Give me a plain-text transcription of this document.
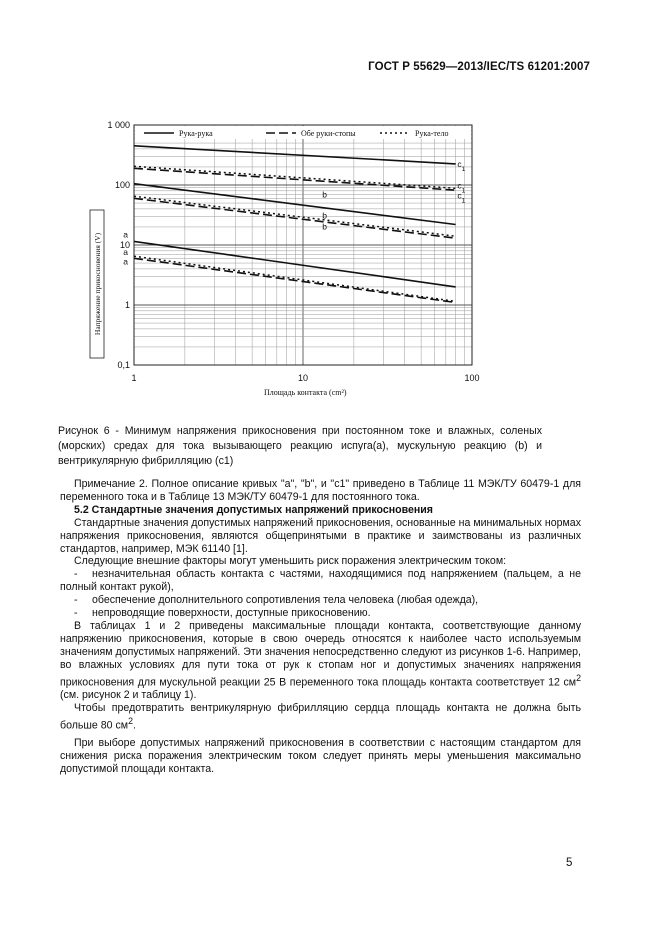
ГОСТ Р 55629—2013/IEC/TS 61201:2007
1	10	100
0,1
1
10
100
1 000
Площадь контакта (cm²)
Напряжение прикосновения (V)
$c_1$
$c_1$
$c_1$
b
b
b
a
a
a
Рука-рука	Обе руки-стопы	Рука-тело
Рисунок 6 - Минимум напряжения прикосновения при постоянном токе и влажных, соленых (морских) средах для тока вызывающего реакцию испуга(а), мускульную реакцию (b) и вентрикулярную фибрилляцию (с1)

Примечание 2. Полное описание кривых "a", "b", и "c1" приведено в Таблице 11 МЭК/ТУ 60479-1 для переменного тока и в Таблице 13 МЭК/ТУ 60479-1 для постоянного тока.

5.2 Стандартные значения допустимых напряжений прикосновения

Стандартные значения допустимых напряжений прикосновения, основанные на минимальных нормах напряжения прикосновения, являются общепринятыми в практике и заимствованы из различных стандартов, например, МЭК 61140 [1].

Следующие внешние факторы могут уменьшить риск поражения электрическим током:

- незначительная область контакта с частями, находящимися под напряжением (пальцем, а не полный контакт рукой),

- обеспечение дополнительного сопротивления тела человека (любая одежда),

- непроводящие поверхности, доступные прикосновению.

В таблицах 1 и 2 приведены максимальные площади контакта, соответствующие данному напряжению прикосновения, которые в свою очередь относятся к наиболее часто используемым значениям допустимых напряжений. Эти значения непосредственно следуют из рисунков 1-6. Например, во влажных условиях для пути тока от рук к стопам ног и допустимых значениях напряжения прикосновения для мускульной реакции 25 В переменного тока площадь контакта соответствует 12 $см^2$ (см. рисунок 2 и таблицу 1).

Чтобы предотвратить вентрикулярную фибрилляцию сердца площадь контакта не должна быть больше 80 $см^2$.

При выборе допустимых напряжений прикосновения в соответствии с настоящим стандартом для снижения риска поражения электрическим током следует принять меры уменьшения максимально допустимой площади контакта.

5
